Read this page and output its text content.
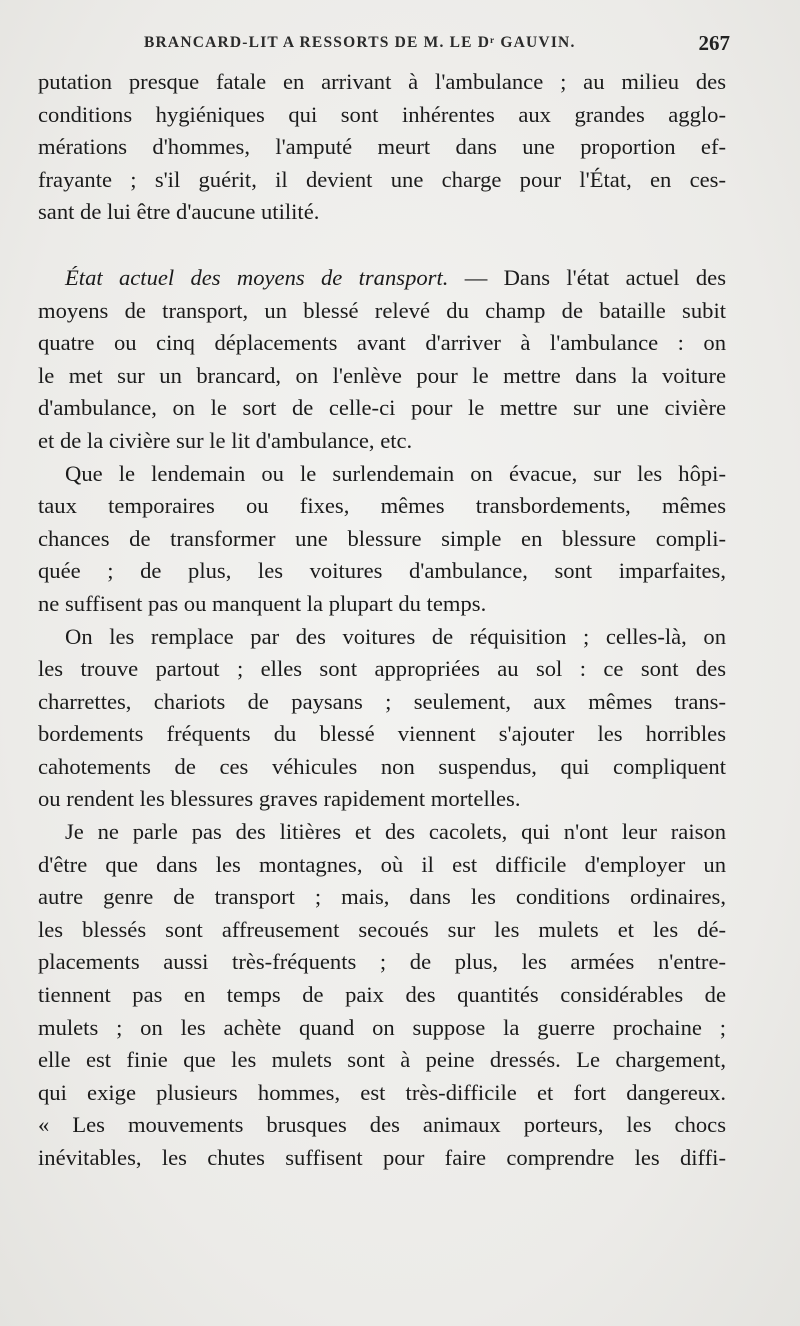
BRANCARD-LIT A RESSORTS DE M. LE Dʳ GAUVIN.	267
putation presque fatale en arrivant à l'ambulance ; au milieu des
conditions hygiéniques qui sont inhérentes aux grandes agglo-
mérations d'hommes, l'amputé meurt dans une proportion ef-
frayante ; s'il guérit, il devient une charge pour l'État, en ces-
sant de lui être d'aucune utilité.
État actuel des moyens de transport. — Dans l'état actuel des
moyens de transport, un blessé relevé du champ de bataille subit
quatre ou cinq déplacements avant d'arriver à l'ambulance : on
le met sur un brancard, on l'enlève pour le mettre dans la voiture
d'ambulance, on le sort de celle-ci pour le mettre sur une civière
et de la civière sur le lit d'ambulance, etc.
Que le lendemain ou le surlendemain on évacue, sur les hôpi-
taux temporaires ou fixes, mêmes transbordements, mêmes
chances de transformer une blessure simple en blessure compli-
quée ; de plus, les voitures d'ambulance, sont imparfaites,
ne suffisent pas ou manquent la plupart du temps.
On les remplace par des voitures de réquisition ; celles-là, on
les trouve partout ; elles sont appropriées au sol : ce sont des
charrettes, chariots de paysans ; seulement, aux mêmes trans-
bordements fréquents du blessé viennent s'ajouter les horribles
cahotements de ces véhicules non suspendus, qui compliquent
ou rendent les blessures graves rapidement mortelles.
Je ne parle pas des litières et des cacolets, qui n'ont leur raison
d'être que dans les montagnes, où il est difficile d'employer un
autre genre de transport ; mais, dans les conditions ordinaires,
les blessés sont affreusement secoués sur les mulets et les dé-
placements aussi très-fréquents ; de plus, les armées n'entre-
tiennent pas en temps de paix des quantités considérables de
mulets ; on les achète quand on suppose la guerre prochaine ;
elle est finie que les mulets sont à peine dressés. Le chargement,
qui exige plusieurs hommes, est très-difficile et fort dangereux.
« Les mouvements brusques des animaux porteurs, les chocs
inévitables, les chutes suffisent pour faire comprendre les diffi-
